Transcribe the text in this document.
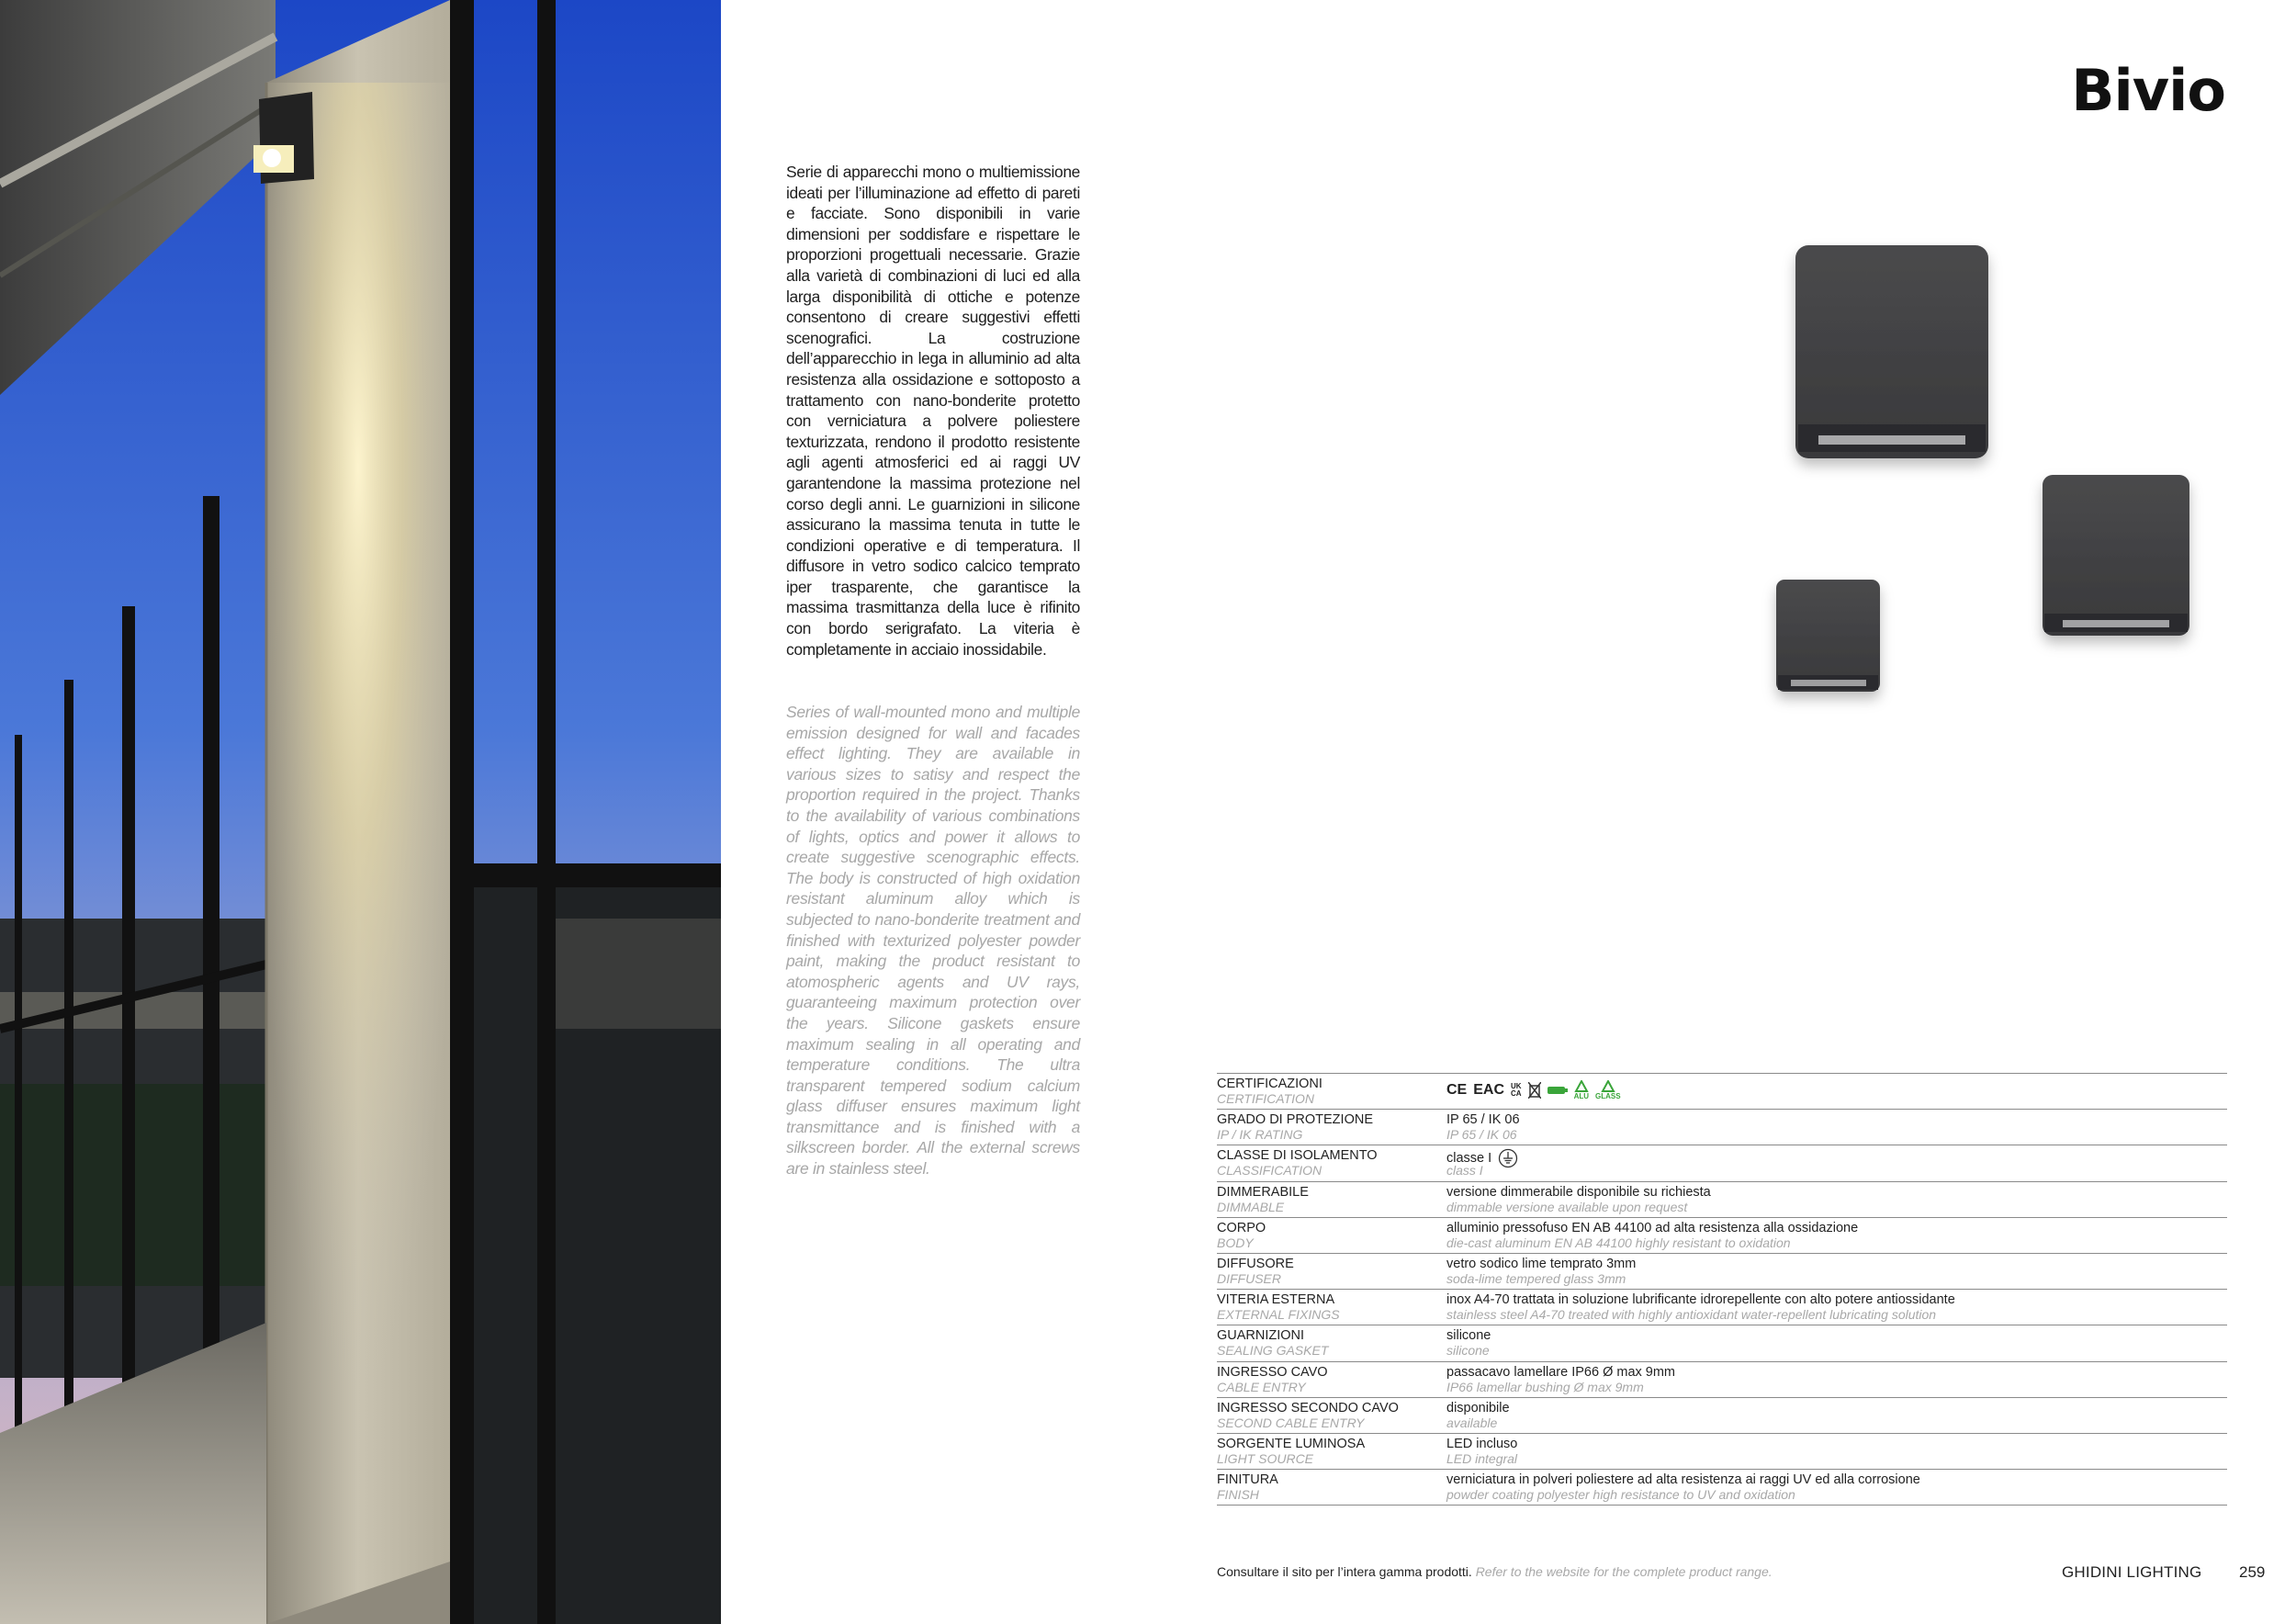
Bivio

Serie di apparecchi mono o multiemissione ideati per l’illuminazione ad effetto di pareti e facciate. Sono disponibili in varie dimensioni per soddisfare e rispettare le proporzioni progettuali necessarie. Grazie alla varietà di combinazioni di luci ed alla larga disponibilità di ottiche e potenze consentono di creare suggestivi effetti scenografici. La costruzione dell’apparecchio in lega in alluminio ad alta resistenza alla ossidazione e sottoposto a trattamento con nano-bonderite protetto con verniciatura a polvere poliestere texturizzata, rendono il prodotto resistente agli agenti atmosferici ed ai raggi UV garantendone la massima protezione nel corso degli anni. Le guarnizioni in silicone assicurano la massima tenuta in tutte le condizioni operative e di temperatura. Il diffusore in vetro sodico calcico temprato iper trasparente, che garantisce la massima trasmittanza della luce è rifinito con bordo serigrafato. La viteria è completamente in acciaio inossidabile.

Series of wall-mounted mono and multiple emission designed for wall and facades effect lighting. They are available in various sizes to satisy and respect the proportion required in the project. Thanks to the availability of various combinations of lights, optics and power it allows to create suggestive scenographic effects. The body is constructed of high oxidation resistant aluminum alloy which is subjected to nano-bonderite treatment and finished with texturized polyester powder paint, making the product resistant to atomospheric agents and UV rays, guaranteeing maximum protection over the years. Silicone gaskets ensure maximum sealing in all operating and temperature conditions. The ultra transparent tempered sodium calcium glass diffuser ensures maximum light transmittance and is finished with a silkscreen border. All the external screws are in stainless steel.

CERTIFICAZIONI
CERTIFICATION
CE EAC UK
CA	ALU GLASS
GRADO DI PROTEZIONE
IP / IK RATING
IP 65 / IK 06
IP 65 / IK 06
CLASSE DI ISOLAMENTO
CLASSIFICATION
classe I
class I
DIMMERABILE
DIMMABLE
versione dimmerabile disponibile su richiesta
dimmable versione available upon request
CORPO
BODY
alluminio pressofuso EN AB 44100 ad alta resistenza alla ossidazione
die-cast aluminum EN AB 44100 highly resistant to oxidation
DIFFUSORE
DIFFUSER
vetro sodico lime temprato 3mm
soda-lime tempered glass 3mm
VITERIA ESTERNA
EXTERNAL FIXINGS
inox A4-70 trattata in soluzione lubrificante idrorepellente con alto potere antiossidante
stainless steel A4-70 treated with highly antioxidant water-repellent lubricating solution
GUARNIZIONI
SEALING GASKET
silicone
silicone
INGRESSO CAVO
CABLE ENTRY
passacavo lamellare IP66 Ø max 9mm
IP66 lamellar bushing Ø max 9mm
INGRESSO SECONDO CAVO
SECOND CABLE ENTRY
disponibile
available
SORGENTE LUMINOSA
LIGHT SOURCE
LED incluso
LED integral
FINITURA
FINISH
verniciatura in polveri poliestere ad alta resistenza ai raggi UV ed alla corrosione
powder coating polyester high resistance to UV and oxidation
Consultare il sito per l’intera gamma prodotti. Refer to the website for the complete product range.	GHIDINI LIGHTING 259
